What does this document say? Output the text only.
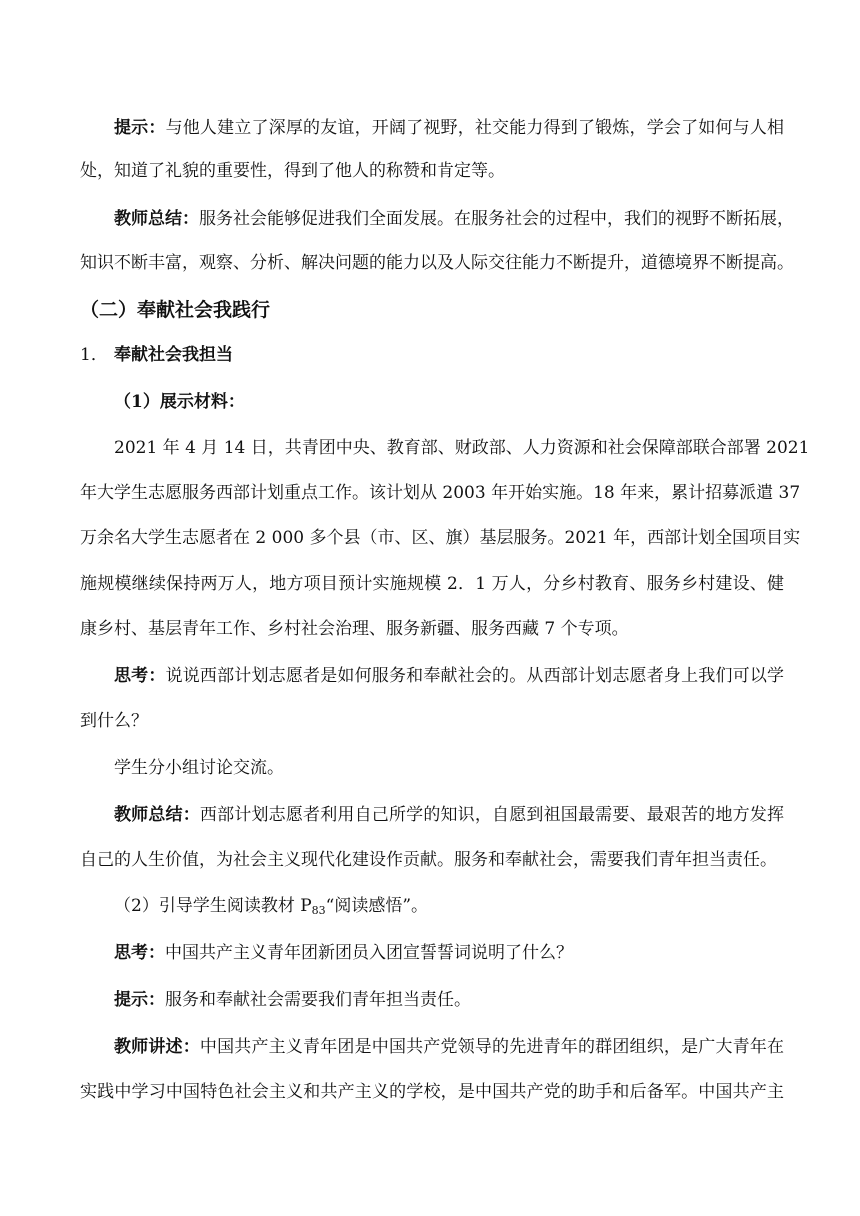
提示：与他人建立了深厚的友谊，开阔了视野，社交能力得到了锻炼，学会了如何与人相
处，知道了礼貌的重要性，得到了他人的称赞和肯定等。
教师总结：服务社会能够促进我们全面发展。在服务社会的过程中，我们的视野不断拓展，
知识不断丰富，观察、分析、解决问题的能力以及人际交往能力不断提升，道德境界不断提高。
（二）奉献社会我践行
1． 奉献社会我担当
（1）展示材料：
2021 年 4 月 14 日，共青团中央、教育部、财政部、人力资源和社会保障部联合部署 2021
年大学生志愿服务西部计划重点工作。该计划从 2003 年开始实施。18 年来，累计招募派遣 37
万余名大学生志愿者在 2 000 多个县（市、区、旗）基层服务。2021 年，西部计划全国项目实
施规模继续保持两万人，地方项目预计实施规模 2．1 万人，分乡村教育、服务乡村建设、健
康乡村、基层青年工作、乡村社会治理、服务新疆、服务西藏 7 个专项。
思考：说说西部计划志愿者是如何服务和奉献社会的。从西部计划志愿者身上我们可以学
到什么？
学生分小组讨论交流。
教师总结：西部计划志愿者利用自己所学的知识，自愿到祖国最需要、最艰苦的地方发挥
自己的人生价值，为社会主义现代化建设作贡献。服务和奉献社会，需要我们青年担当责任。
（2）引导学生阅读教材 $P_{83}“$阅读感悟”。
思考：中国共产主义青年团新团员入团宣誓誓词说明了什么？
提示：服务和奉献社会需要我们青年担当责任。
教师讲述：中国共产主义青年团是中国共产党领导的先进青年的群团组织，是广大青年在
实践中学习中国特色社会主义和共产主义的学校，是中国共产党的助手和后备军。中国共产主
